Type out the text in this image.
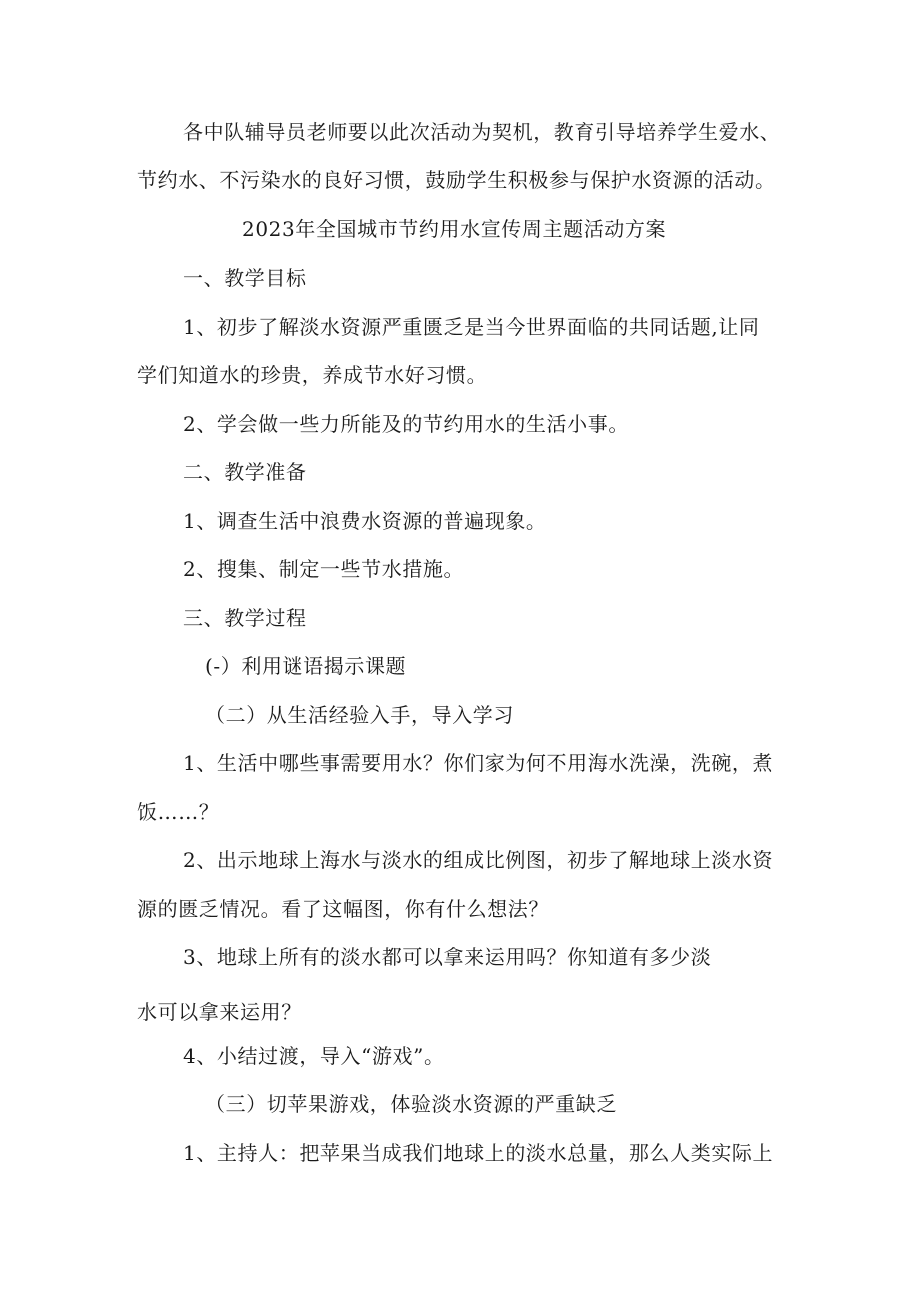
各中队辅导员老师要以此次活动为契机，教育引导培养学生爱水、
节约水、不污染水的良好习惯，鼓励学生积极参与保护水资源的活动。
2023年全国城市节约用水宣传周主题活动方案
一、教学目标
1、初步了解淡水资源严重匮乏是当今世界面临的共同话题,让同
学们知道水的珍贵，养成节水好习惯。
2、学会做一些力所能及的节约用水的生活小事。
二、教学准备
1、调查生活中浪费水资源的普遍现象。
2、搜集、制定一些节水措施。
三、教学过程
(-）利用谜语揭示课题
（二）从生活经验入手，导入学习
1、生活中哪些事需要用水？你们家为何不用海水洗澡，洗碗，煮
饭……？
2、出示地球上海水与淡水的组成比例图，初步了解地球上淡水资
源的匮乏情况。看了这幅图，你有什么想法？
3、地球上所有的淡水都可以拿来运用吗？你知道有多少淡
水可以拿来运用？
4、小结过渡，导入“游戏”。
（三）切苹果游戏，体验淡水资源的严重缺乏
1、主持人：把苹果当成我们地球上的淡水总量，那么人类实际上
